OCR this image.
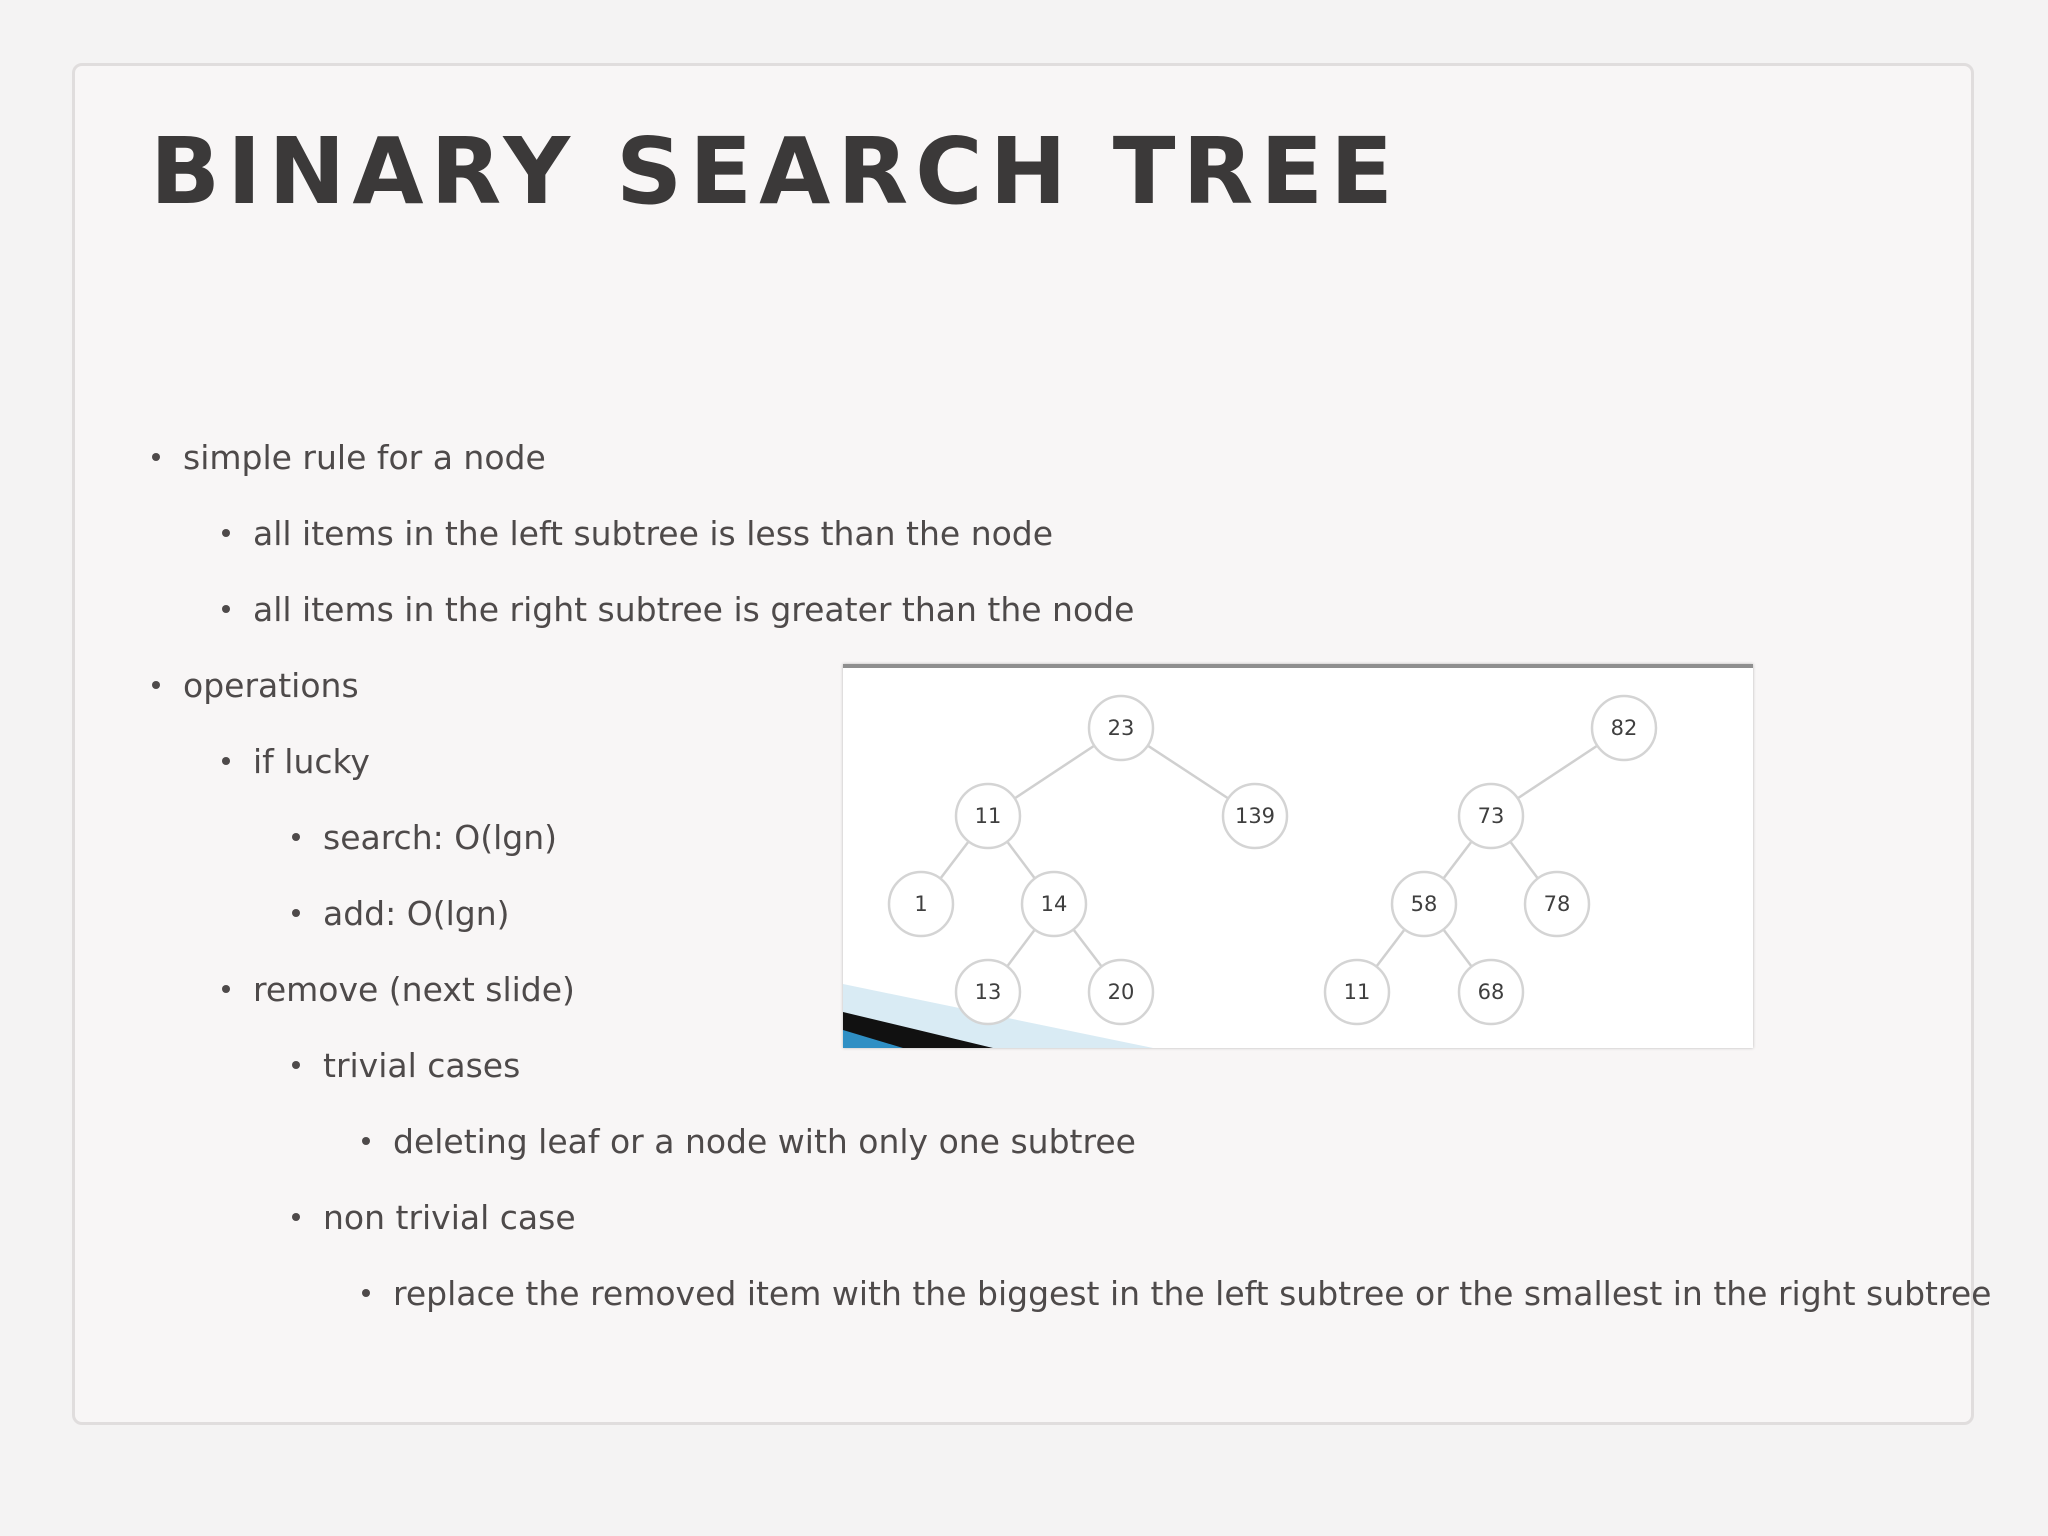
BINARY SEARCH TREE
simple rule for a node
all items in the left subtree is less than the node
all items in the right subtree is greater than the node
operations
if lucky
search: O(lgn)
add: O(lgn)
remove (next slide)
trivial cases
deleting leaf or a node with only one subtree
non trivial case
replace the removed item with the biggest in the left subtree or the smallest in the right subtree
23
11	139
1	14
13	20
82
73
58	78
11	68
